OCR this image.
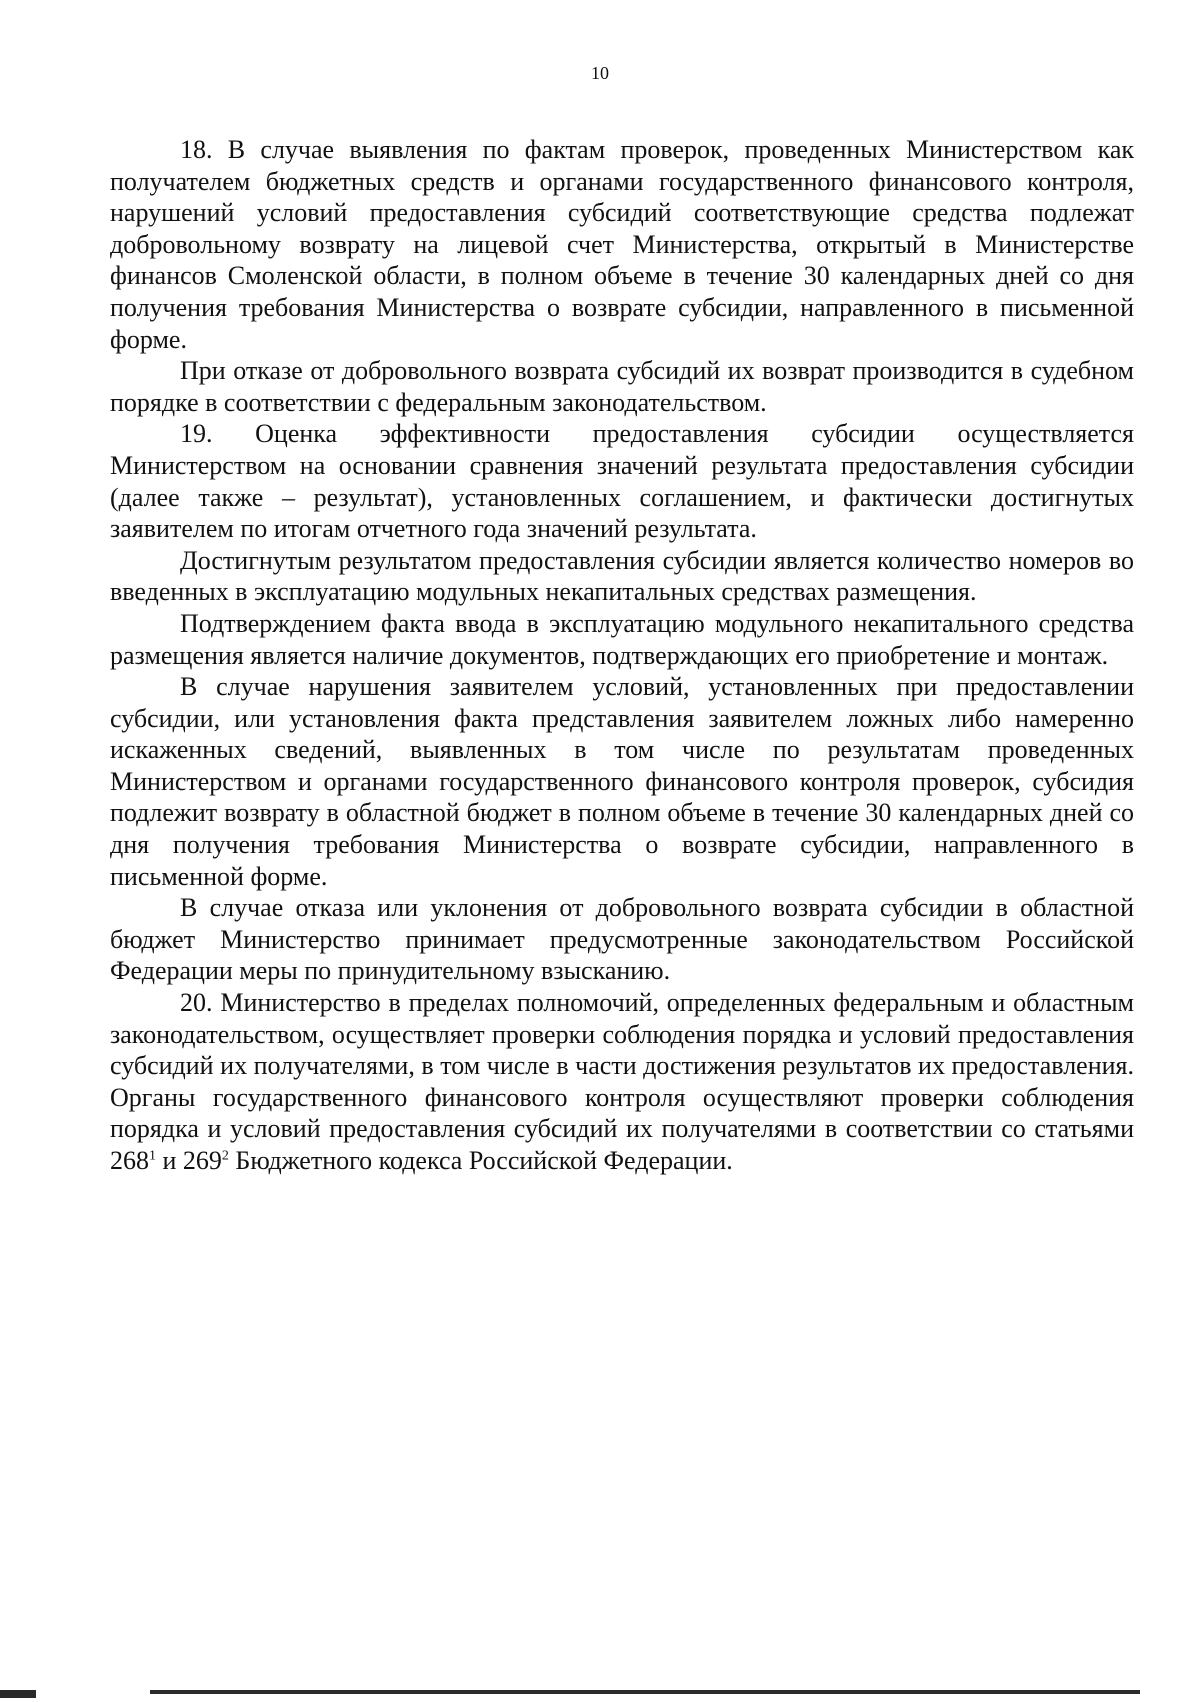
10

18. В случае выявления по фактам проверок, проведенных Министерством как получателем бюджетных средств и органами государственного финансового контроля, нарушений условий предоставления субсидий соответствующие средства подлежат добровольному возврату на лицевой счет Министерства, открытый в Министерстве финансов Смоленской области, в полном объеме в течение 30 календарных дней со дня получения требования Министерства о возврате субсидии, направленного в письменной форме.

При отказе от добровольного возврата субсидий их возврат производится в судебном порядке в соответствии с федеральным законодательством.

19. Оценка эффективности предоставления субсидии осуществляется Министерством на основании сравнения значений результата предоставления субсидии (далее также – результат), установленных соглашением, и фактически достигнутых заявителем по итогам отчетного года значений результата.

Достигнутым результатом предоставления субсидии является количество номеров во введенных в эксплуатацию модульных некапитальных средствах размещения.

Подтверждением факта ввода в эксплуатацию модульного некапитального средства размещения является наличие документов, подтверждающих его приобретение и монтаж.

В случае нарушения заявителем условий, установленных при предоставлении субсидии, или установления факта представления заявителем ложных либо намеренно искаженных сведений, выявленных в том числе по результатам проведенных Министерством и органами государственного финансового контроля проверок, субсидия подлежит возврату в областной бюджет в полном объеме в течение 30 календарных дней со дня получения требования Министерства о возврате субсидии, направленного в письменной форме.

В случае отказа или уклонения от добровольного возврата субсидии в областной бюджет Министерство принимает предусмотренные законодательством Российской Федерации меры по принудительному взысканию.

20. Министерство в пределах полномочий, определенных федеральным и областным законодательством, осуществляет проверки соблюдения порядка и условий предоставления субсидий их получателями, в том числе в части достижения результатов их предоставления. Органы государственного финансового контроля осуществляют проверки соблюдения порядка и условий предоставления субсидий их получателями в соответствии со статьями $268^1$ и $269^2$ Бюджетного кодекса Российской Федерации.
